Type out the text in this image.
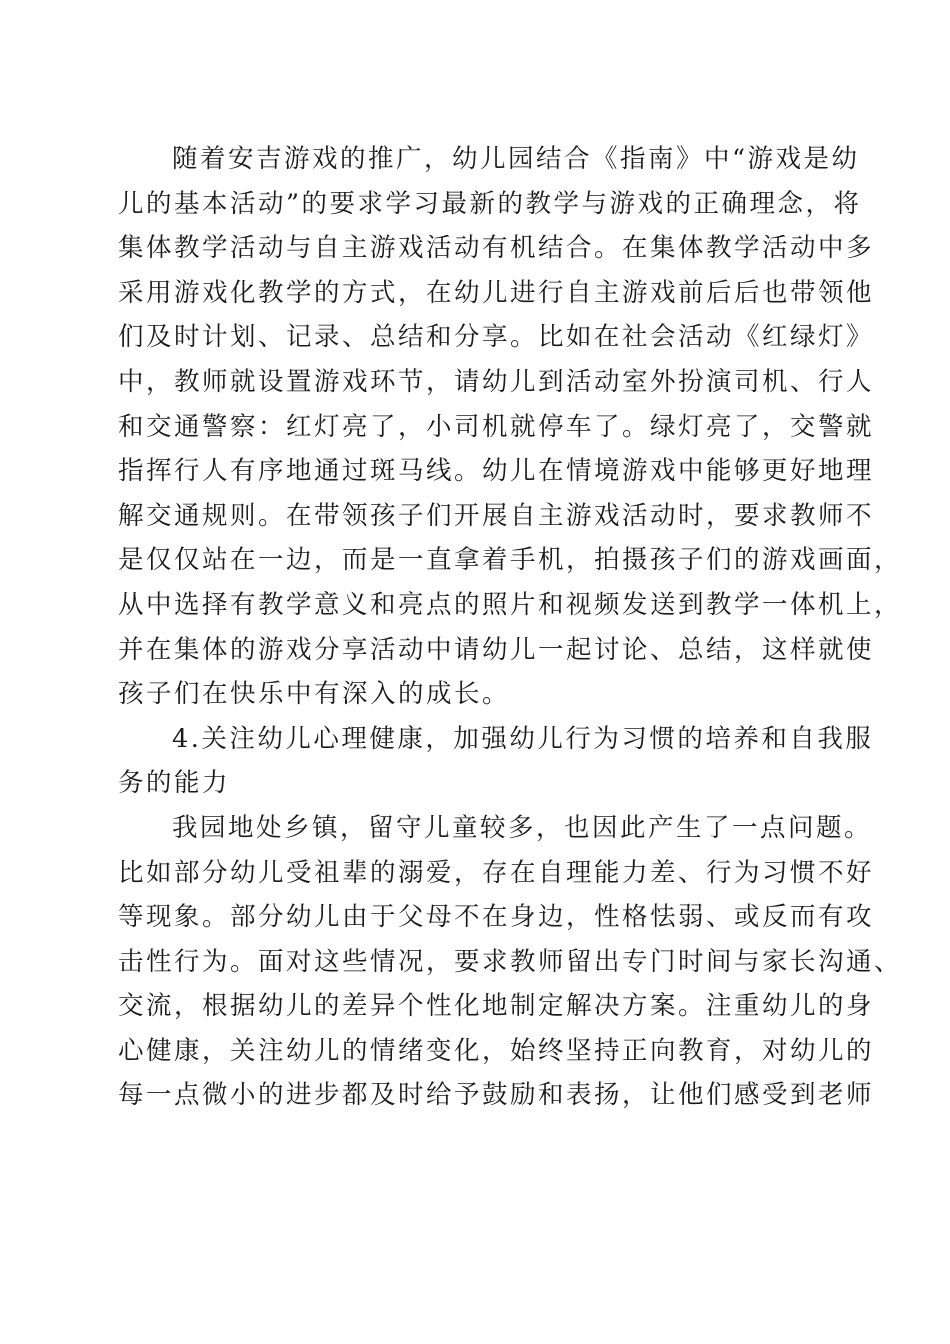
随着安吉游戏的推广，幼儿园结合《指南》中“游戏是幼
儿的基本活动”的要求学习最新的教学与游戏的正确理念，将
集体教学活动与自主游戏活动有机结合。在集体教学活动中多
采用游戏化教学的方式，在幼儿进行自主游戏前后后也带领他
们及时计划、记录、总结和分享。比如在社会活动《红绿灯》
中，教师就设置游戏环节，请幼儿到活动室外扮演司机、行人
和交通警察：红灯亮了，小司机就停车了。绿灯亮了，交警就
指挥行人有序地通过斑马线。幼儿在情境游戏中能够更好地理
解交通规则。在带领孩子们开展自主游戏活动时，要求教师不
是仅仅站在一边，而是一直拿着手机，拍摄孩子们的游戏画面，
从中选择有教学意义和亮点的照片和视频发送到教学一体机上，
并在集体的游戏分享活动中请幼儿一起讨论、总结，这样就使
孩子们在快乐中有深入的成长。
4.关注幼儿心理健康，加强幼儿行为习惯的培养和自我服
务的能力
我园地处乡镇，留守儿童较多，也因此产生了一点问题。
比如部分幼儿受祖辈的溺爱，存在自理能力差、行为习惯不好
等现象。部分幼儿由于父母不在身边，性格怯弱、或反而有攻
击性行为。面对这些情况，要求教师留出专门时间与家长沟通、
交流，根据幼儿的差异个性化地制定解决方案。注重幼儿的身
心健康，关注幼儿的情绪变化，始终坚持正向教育，对幼儿的
每一点微小的进步都及时给予鼓励和表扬，让他们感受到老师
